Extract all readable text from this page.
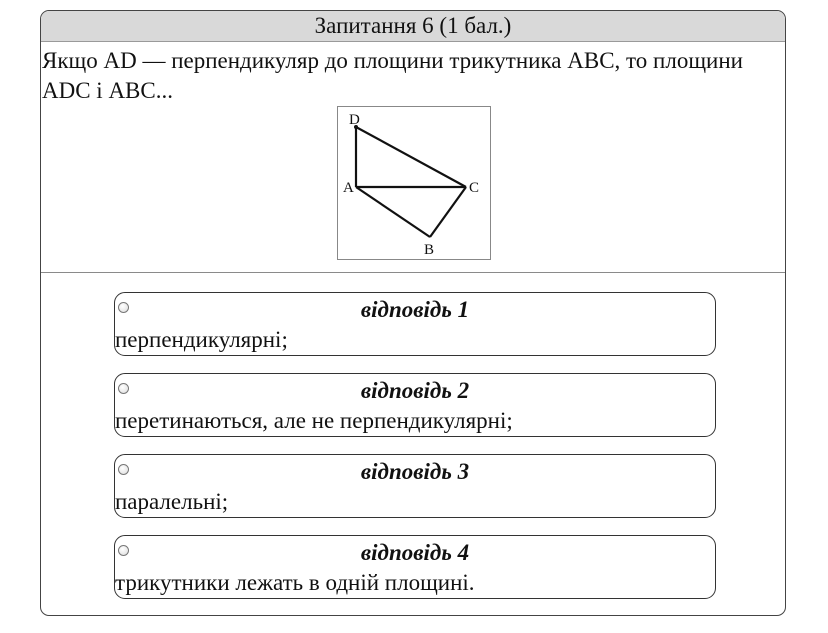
Запитання 6 (1 бал.)
Якщо AD — перпендикуляр до площини трикутника ABC, то площини ADC і ABC...
D
A	C
B
відповідь 1
перпендикулярні;
відповідь 2
перетинаються, але не перпендикулярні;
відповідь 3
паралельні;
відповідь 4
трикутники лежать в одній площині.
